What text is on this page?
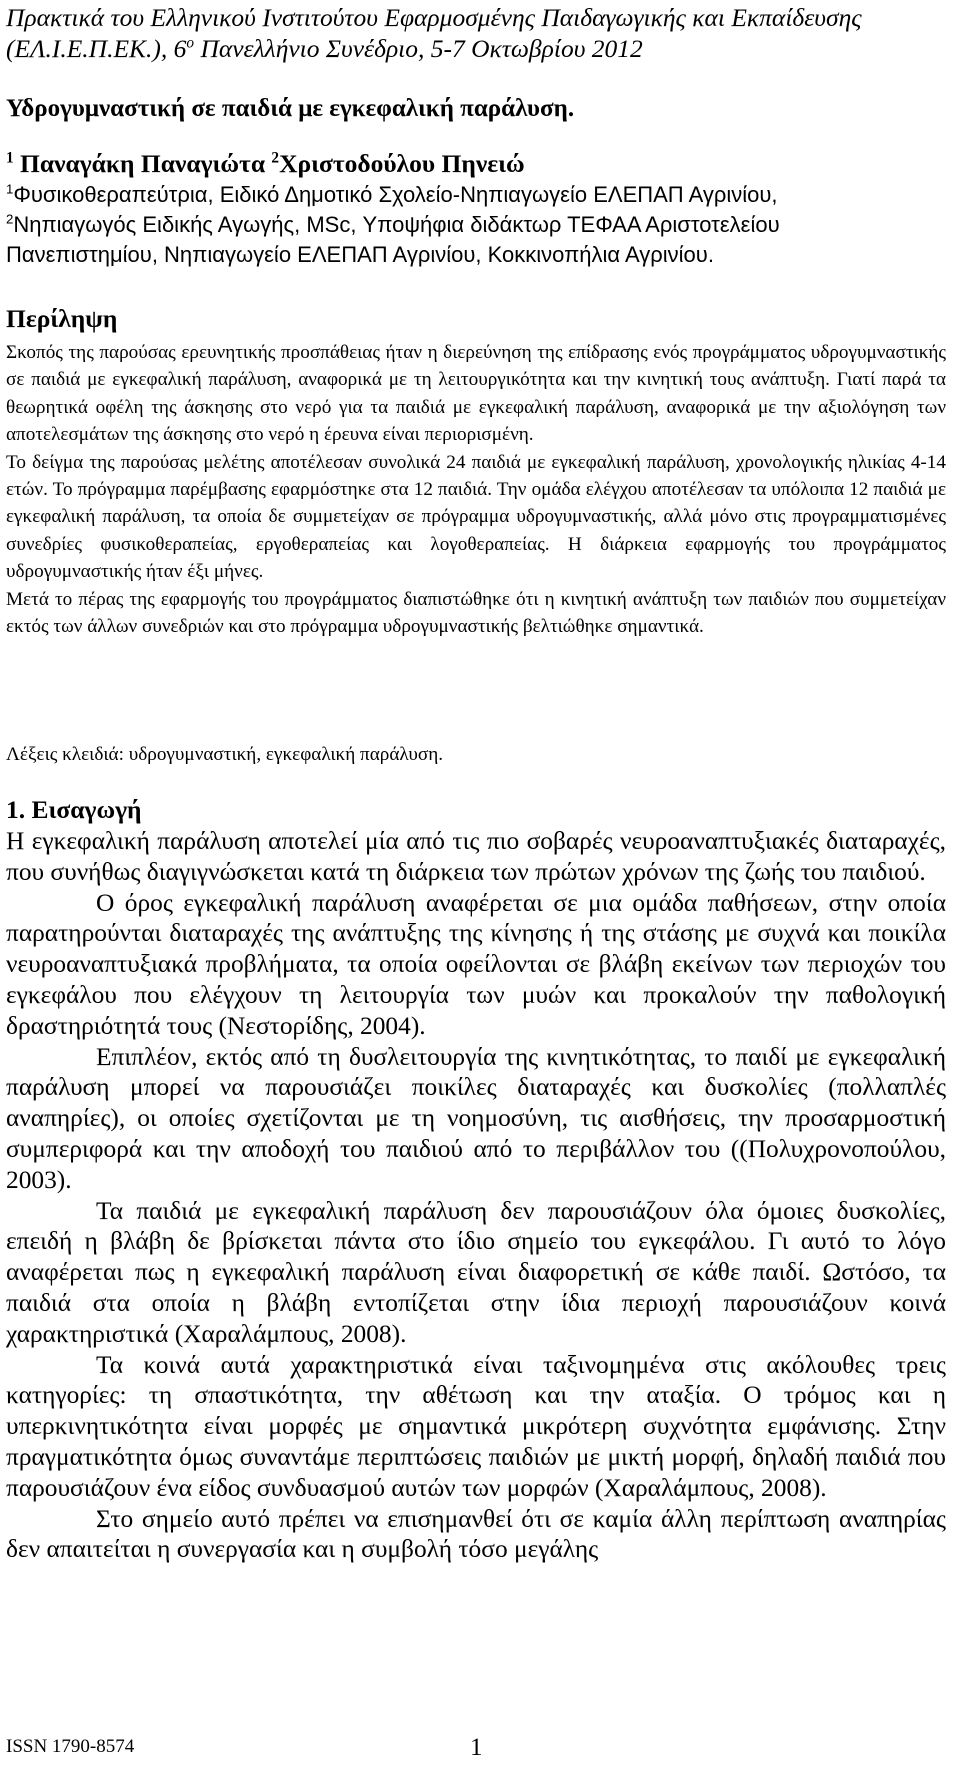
Πρακτικά του Ελληνικού Ινστιτούτου Εφαρμοσμένης Παιδαγωγικής και Εκπαίδευσης
(ΕΛ.Ι.Ε.Π.ΕΚ.), $6^o$ Πανελλήνιο Συνέδριο, 5-7 Οκτωβρίου 2012
Υδρογυμναστική σε παιδιά με εγκεφαλική παράλυση.
$^1$ Παναγάκη Παναγιώτα $^2$Χριστοδούλου Πηνειώ
$^1$Φυσικοθεραπεύτρια, Ειδικό Δημοτικό Σχολείο-Νηπιαγωγείο ΕΛΕΠΑΠ Αγρινίου,
$^2$Νηπιαγωγός Ειδικής Αγωγής, MSc, Υποψήφια διδάκτωρ ΤΕΦΑΑ Αριστοτελείου
Πανεπιστημίου, Νηπιαγωγείο ΕΛΕΠΑΠ Αγρινίου, Κοκκινοπήλια Αγρινίου.
Περίληψη

Σκοπός της παρούσας ερευνητικής προσπάθειας ήταν η διερεύνηση της επίδρασης ενός προγράμματος υδρογυμναστικής σε παιδιά με εγκεφαλική παράλυση, αναφορικά με τη λειτουργικότητα και την κινητική τους ανάπτυξη. Γιατί παρά τα θεωρητικά οφέλη της άσκησης στο νερό για τα παιδιά με εγκεφαλική παράλυση, αναφορικά με την αξιολόγηση των αποτελεσμάτων της άσκησης στο νερό η έρευνα είναι περιορισμένη.

Το δείγμα της παρούσας μελέτης αποτέλεσαν συνολικά 24 παιδιά με εγκεφαλική παράλυση, χρονολογικής ηλικίας 4-14 ετών. Το πρόγραμμα παρέμβασης εφαρμόστηκε στα 12 παιδιά. Την ομάδα ελέγχου αποτέλεσαν τα υπόλοιπα 12 παιδιά με εγκεφαλική παράλυση, τα οποία δε συμμετείχαν σε πρόγραμμα υδρογυμναστικής, αλλά μόνο στις προγραμματισμένες συνεδρίες φυσικοθεραπείας, εργοθεραπείας και λογοθεραπείας. Η διάρκεια εφαρμογής του προγράμματος υδρογυμναστικής ήταν έξι μήνες.

Μετά το πέρας της εφαρμογής του προγράμματος διαπιστώθηκε ότι η κινητική ανάπτυξη των παιδιών που συμμετείχαν εκτός των άλλων συνεδριών και στο πρόγραμμα υδρογυμναστικής βελτιώθηκε σημαντικά.

Λέξεις κλειδιά: υδρογυμναστική, εγκεφαλική παράλυση.

1. Εισαγωγή

Η εγκεφαλική παράλυση αποτελεί μία από τις πιο σοβαρές νευροαναπτυξιακές διαταραχές, που συνήθως διαγιγνώσκεται κατά τη διάρκεια των πρώτων χρόνων της ζωής του παιδιού.

Ο όρος εγκεφαλική παράλυση αναφέρεται σε μια ομάδα παθήσεων, στην οποία παρατηρούνται διαταραχές της ανάπτυξης της κίνησης ή της στάσης με συχνά και ποικίλα νευροαναπτυξιακά προβλήματα, τα οποία οφείλονται σε βλάβη εκείνων των περιοχών του εγκεφάλου που ελέγχουν τη λειτουργία των μυών και προκαλούν την παθολογική δραστηριότητά τους (Νεστορίδης, 2004).

Επιπλέον, εκτός από τη δυσλειτουργία της κινητικότητας, το παιδί με εγκεφαλική παράλυση μπορεί να παρουσιάζει ποικίλες διαταραχές και δυσκολίες (πολλαπλές αναπηρίες), οι οποίες σχετίζονται με τη νοημοσύνη, τις αισθήσεις, την προσαρμοστική συμπεριφορά και την αποδοχή του παιδιού από το περιβάλλον του ((Πολυχρονοπούλου, 2003).

Τα παιδιά με εγκεφαλική παράλυση δεν παρουσιάζουν όλα όμοιες δυσκολίες, επειδή η βλάβη δε βρίσκεται πάντα στο ίδιο σημείο του εγκεφάλου. Γι αυτό το λόγο αναφέρεται πως η εγκεφαλική παράλυση είναι διαφορετική σε κάθε παιδί. Ωστόσο, τα παιδιά στα οποία η βλάβη εντοπίζεται στην ίδια περιοχή παρουσιάζουν κοινά χαρακτηριστικά (Χαραλάμπους, 2008).

Τα κοινά αυτά χαρακτηριστικά είναι ταξινομημένα στις ακόλουθες τρεις κατηγορίες: τη σπαστικότητα, την αθέτωση και την αταξία. Ο τρόμος και η υπερκινητικότητα είναι μορφές με σημαντικά μικρότερη συχνότητα εμφάνισης. Στην πραγματικότητα όμως συναντάμε περιπτώσεις παιδιών με μικτή μορφή, δηλαδή παιδιά που παρουσιάζουν ένα είδος συνδυασμού αυτών των μορφών (Χαραλάμπους, 2008).

Στο σημείο αυτό πρέπει να επισημανθεί ότι σε καμία άλλη περίπτωση αναπηρίας δεν απαιτείται η συνεργασία και η συμβολή τόσο μεγάλης

ISSN 1790-8574	1
